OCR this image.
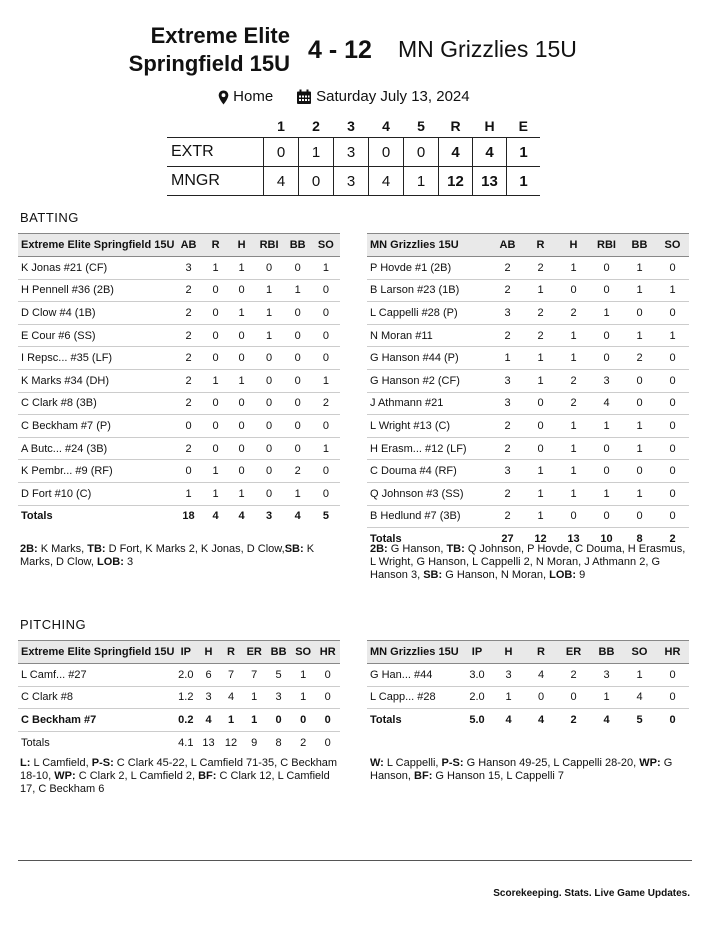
Extreme Elite
Springfield 15U 4 - 12 MN Grizzlies 15U
Home	Saturday July 13, 2024
	1	2	3	4	5	R	H	E
EXTR	0	1	3	0	0	4	4	1
MNGR	4	0	3	4	1	12	13	1
BATTING
Extreme Elite Springfield 15U	AB	R	H	RBI	BB	SO
K Jonas #21 (CF)	3	1	1	0	0	1
H Pennell #36 (2B)	2	0	0	1	1	0
D Clow #4 (1B)	2	0	1	1	0	0
E Cour #6 (SS)	2	0	0	1	0	0
I Repsc... #35 (LF)	2	0	0	0	0	0
K Marks #34 (DH)	2	1	1	0	0	1
C Clark #8 (3B)	2	0	0	0	0	2
C Beckham #7 (P)	0	0	0	0	0	0
A Butc... #24 (3B)	2	0	0	0	0	1
K Pembr... #9 (RF)	0	1	0	0	2	0
D Fort #10 (C)	1	1	1	0	1	0
Totals	18	4	4	3	4	5
MN Grizzlies 15U	AB	R	H	RBI	BB	SO
P Hovde #1 (2B)	2	2	1	0	1	0
B Larson #23 (1B)	2	1	0	0	1	1
L Cappelli #28 (P)	3	2	2	1	0	0
N Moran #11	2	2	1	0	1	1
G Hanson #44 (P)	1	1	1	0	2	0
G Hanson #2 (CF)	3	1	2	3	0	0
J Athmann #21	3	0	2	4	0	0
L Wright #13 (C)	2	0	1	1	1	0
H Erasm... #12 (LF)	2	0	1	0	1	0
C Douma #4 (RF)	3	1	1	0	0	0
Q Johnson #3 (SS)	2	1	1	1	1	0
B Hedlund #7 (3B)	2	1	0	0	0	0
Totals	27	12	13	10	8	2
2B: K Marks, TB: D Fort, K Marks 2, K Jonas, D Clow,SB: K Marks, D Clow, LOB: 3
2B: G Hanson, TB: Q Johnson, P Hovde, C Douma, H Erasmus, L Wright, G Hanson, L Cappelli 2, N Moran, J Athmann 2, G Hanson 3, SB: G Hanson, N Moran, LOB: 9
PITCHING
Extreme Elite Springfield 15U	IP	H	R	ER	BB	SO	HR
L Camf... #27	2.0	6	7	7	5	1	0
C Clark #8	1.2	3	4	1	3	1	0
C Beckham #7	0.2	4	1	1	0	0	0
Totals	4.1	13	12	9	8	2	0
MN Grizzlies 15U	IP	H	R	ER	BB	SO	HR
G Han... #44	3.0	3	4	2	3	1	0
L Capp... #28	2.0	1	0	0	1	4	0
Totals	5.0	4	4	2	4	5	0
L: L Camfield, P-S: C Clark 45-22, L Camfield 71-35, C Beckham 18-10, WP: C Clark 2, L Camfield 2, BF: C Clark 12, L Camfield 17, C Beckham 6
W: L Cappelli, P-S: G Hanson 49-25, L Cappelli 28-20, WP: G Hanson, BF: G Hanson 15, L Cappelli 7
Scorekeeping. Stats. Live Game Updates.
